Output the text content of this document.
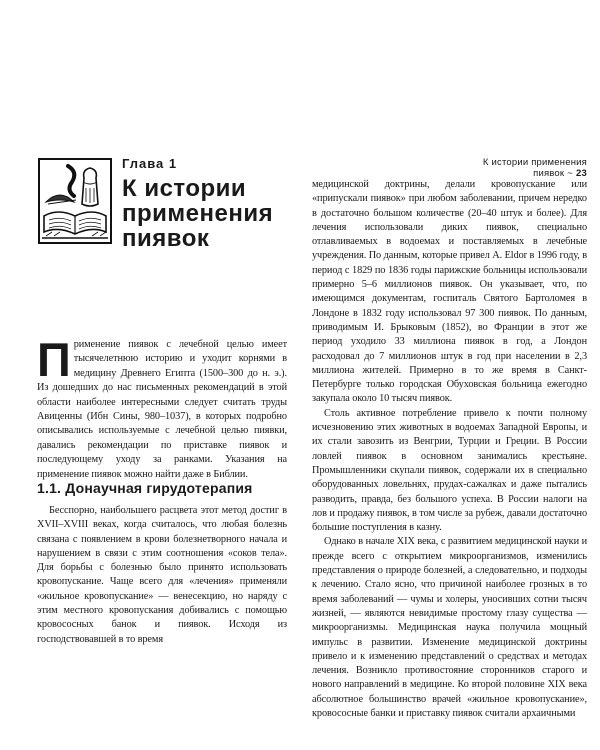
Глава 1
К истории
применения
пиявок
Применение пиявок с лечебной целью имеет тысячелетнюю историю и уходит корнями в медицину Древнего Египта (1500–300 до н. э.). Из дошедших до нас письменных рекомендаций в этой области наиболее интересными следует считать труды Авиценны (Ибн Сины, 980–1037), в которых подробно описывались используемые с лечебной целью пиявки, давались рекомендации по приставке пиявок и последующему уходу за ранками. Указания на применение пиявок можно найти даже в Библии.
1.1. Донаучная гирудотерапия

Бесспорно, наибольшего расцвета этот метод достиг в XVII–XVIII веках, когда считалось, что любая болезнь связана с появлением в крови болезнетворного начала и нарушением в связи с этим соотношения «соков тела». Для борьбы с болезнью было принято использовать кровопускание. Чаще всего для «лечения» применяли «жильное кровопускание» — венесекцию, но наряду с этим местного кровопускания добивались с помощью кровососных банок и пиявок. Исходя из господствовавшей в то время

К истории применения пиявок ~ 23

медицинской доктрины, делали кровопускание или «припускали пиявок» при любом заболевании, причем нередко в достаточно большом количестве (20–40 штук и более). Для лечения использовали диких пиявок, специально отлавливаемых в водоемах и поставляемых в лечебные учреждения. По данным, которые привел A. Eldor в 1996 году, в период с 1829 по 1836 годы парижские больницы использовали примерно 5–6 миллионов пиявок. Он указывает, что, по имеющимся документам, госпиталь Святого Бартоломея в Лондоне в 1832 году использовал 97 300 пиявок. По данным, приводимым И. Брыковым (1852), во Франции в этот же период уходило 33 миллиона пиявок в год, а Лондон расходовал до 7 миллионов штук в год при населении в 2,3 миллиона жителей. Примерно в то же время в Санкт-Петербурге только городская Обуховская больница ежегодно закупала около 10 тысяч пиявок.

Столь активное потребление привело к почти полному исчезновению этих животных в водоемах Западной Европы, и их стали завозить из Венгрии, Турции и Греции. В России ловлей пиявок в основном занимались крестьяне. Промышленники скупали пиявок, содержали их в специально оборудованных ловельнях, прудах-сажалках и даже пытались разводить, правда, без большого успеха. В России налоги на лов и продажу пиявок, в том числе за рубеж, давали достаточно большие поступления в казну.

Однако в начале XIX века, с развитием медицинской науки и прежде всего с открытием микроорганизмов, изменились представления о природе болезней, а следовательно, и подходы к лечению. Стало ясно, что причиной наиболее грозных в то время заболеваний — чумы и холеры, уносивших сотни тысяч жизней, — являются невидимые простому глазу существа — микроорганизмы. Медицинская наука получила мощный импульс в развитии. Изменение медицинской доктрины привело и к изменению представлений о средствах и методах лечения. Возникло противостояние сторонников старого и нового направлений в медицине. Ко второй половине XIX века абсолютное большинство врачей «жильное кровопускание», кровососные банки и приставку пиявок считали архаичными
